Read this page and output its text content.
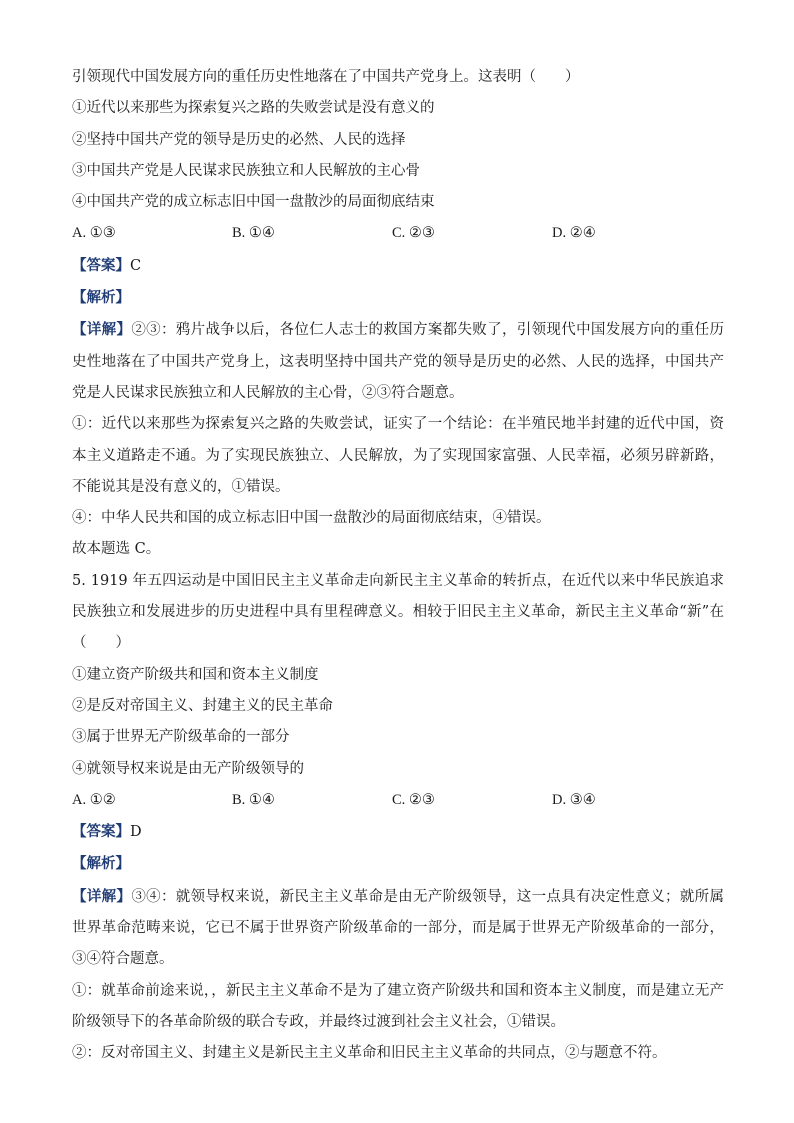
引领现代中国发展方向的重任历史性地落在了中国共产党身上。这表明（　　）

①近代以来那些为探索复兴之路的失败尝试是没有意义的

②坚持中国共产党的领导是历史的必然、人民的选择

③中国共产党是人民谋求民族独立和人民解放的主心骨

④中国共产党的成立标志旧中国一盘散沙的局面彻底结束

A. ①③	B. ①④	C. ②③	D. ②④

【答案】C

【解析】

【详解】②③：鸦片战争以后，各位仁人志士的救国方案都失败了，引领现代中国发展方向的重任历史性地落在了中国共产党身上，这表明坚持中国共产党的领导是历史的必然、人民的选择，中国共产党是人民谋求民族独立和人民解放的主心骨，②③符合题意。

①：近代以来那些为探索复兴之路的失败尝试，证实了一个结论：在半殖民地半封建的近代中国，资本主义道路走不通。为了实现民族独立、人民解放，为了实现国家富强、人民幸福，必须另辟新路，不能说其是没有意义的，①错误。

④：中华人民共和国的成立标志旧中国一盘散沙的局面彻底结束，④错误。

故本题选 C。

5. 1919 年五四运动是中国旧民主主义革命走向新民主主义革命的转折点，在近代以来中华民族追求民族独立和发展进步的历史进程中具有里程碑意义。相较于旧民主主义革命，新民主主义革命“新”在（　　）

①建立资产阶级共和国和资本主义制度

②是反对帝国主义、封建主义的民主革命

③属于世界无产阶级革命的一部分

④就领导权来说是由无产阶级领导的

A. ①②	B. ①④	C. ②③	D. ③④

【答案】D

【解析】

【详解】③④：就领导权来说，新民主主义革命是由无产阶级领导，这一点具有决定性意义；就所属世界革命范畴来说，它已不属于世界资产阶级革命的一部分，而是属于世界无产阶级革命的一部分，③④符合题意。

①：就革命前途来说，，新民主主义革命不是为了建立资产阶级共和国和资本主义制度，而是建立无产阶级领导下的各革命阶级的联合专政，并最终过渡到社会主义社会，①错误。

②：反对帝国主义、封建主义是新民主主义革命和旧民主主义革命的共同点，②与题意不符。
